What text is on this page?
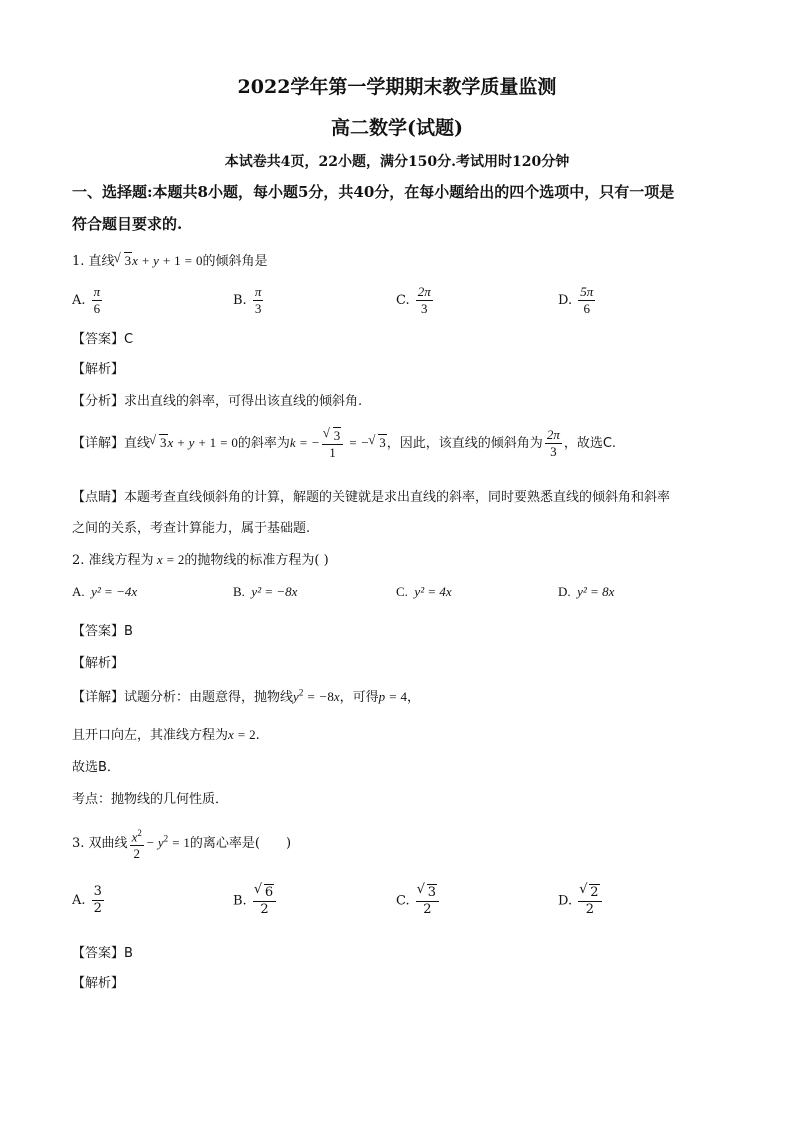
2022学年第一学期期末教学质量监测
高二数学(试题)
本试卷共4页，22小题，满分150分.考试用时120分钟
一、选择题:本题共8小题，每小题5分，共40分，在每小题给出的四个选项中，只有一项是
符合题目要求的.
1. 直线 √ 3x + y + 1 = 0的倾斜角是
A. $\frac{\pi}{6}$	B. $\frac{\pi}{3}$	C. $\frac{2\pi}{3}$	D. $\frac{5\pi}{6}$
【答案】C
【解析】
【分析】求出直线的斜率，可得出该直线的倾斜角.
【详解】直线 √ 3x + y + 1 = 0的斜率为k = − √ $\frac{3}{1}$ = − √ 3，因此，该直线的倾斜角为 $\frac{2\pi}{3}$ ，故选C.
【点睛】本题考查直线倾斜角的计算，解题的关键就是求出直线的斜率，同时要熟悉直线的倾斜角和斜率
之间的关系，考查计算能力，属于基础题.
2. 准线方程为 x = 2的抛物线的标准方程为( )
A. y² = −4x	B. y² = −8x	C. y² = 4x	D. y² = 8x
【答案】B
【解析】
【详解】试题分析：由题意得，抛物线$y^2 = -8x$，可得p = 4，
且开口向左，其准线方程为x = 2.
故选B．
考点：抛物线的几何性质．
3. 双曲线 $\frac{x^2}{2} - y^2 = 1$的离心率是(　　)
A. $\frac{3}{2}$	B. √ $\frac{6}{2}$	C. √ $\frac{3}{2}$	D. √ $\frac{2}{2}$
【答案】B
【解析】
